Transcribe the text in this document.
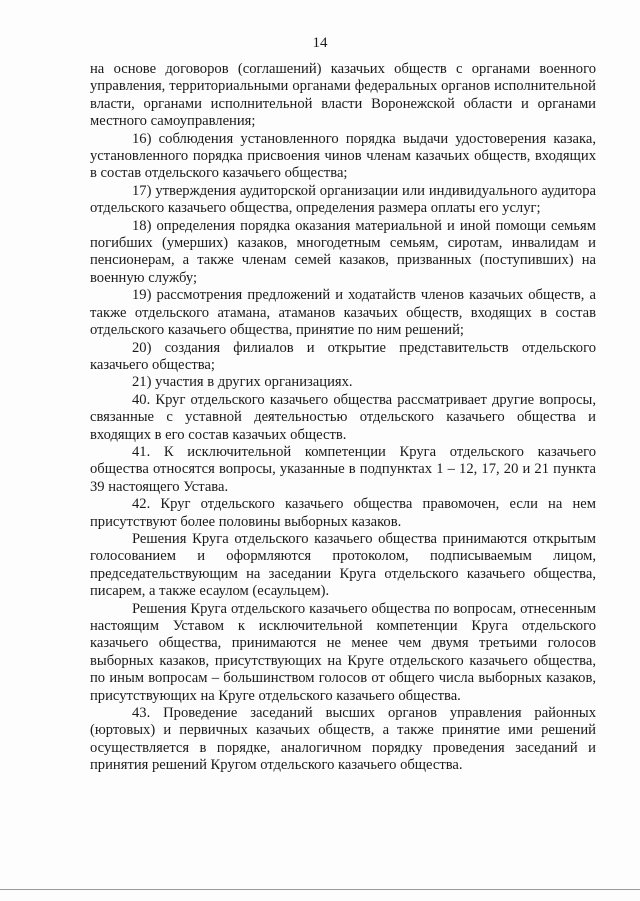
14

на основе договоров (соглашений) казачьих обществ с органами военного управления, территориальными органами федеральных органов исполнительной власти, органами исполнительной власти Воронежской области и органами местного самоуправления;

16) соблюдения установленного порядка выдачи удостоверения казака, установленного порядка присвоения чинов членам казачьих обществ, входящих в состав отдельского казачьего общества;

17) утверждения аудиторской организации или индивидуального аудитора отдельского казачьего общества, определения размера оплаты его услуг;

18) определения порядка оказания материальной и иной помощи семьям погибших (умерших) казаков, многодетным семьям, сиротам, инвалидам и пенсионерам, а также членам семей казаков, призванных (поступивших) на военную службу;

19) рассмотрения предложений и ходатайств членов казачьих обществ, а также отдельского атамана, атаманов казачьих обществ, входящих в состав отдельского казачьего общества, принятие по ним решений;

20) создания филиалов и открытие представительств отдельского казачьего общества;

21) участия в других организациях.

40. Круг отдельского казачьего общества рассматривает другие вопросы, связанные с уставной деятельностью отдельского казачьего общества и входящих в его состав казачьих обществ.

41. К исключительной компетенции Круга отдельского казачьего общества относятся вопросы, указанные в подпунктах 1 – 12, 17, 20 и 21 пункта 39 настоящего Устава.

42. Круг отдельского казачьего общества правомочен, если на нем присутствуют более половины выборных казаков.

Решения Круга отдельского казачьего общества принимаются открытым голосованием и оформляются протоколом, подписываемым лицом, председательствующим на заседании Круга отдельского казачьего общества, писарем, а также есаулом (есаульцем).

Решения Круга отдельского казачьего общества по вопросам, отнесенным настоящим Уставом к исключительной компетенции Круга отдельского казачьего общества, принимаются не менее чем двумя третьими голосов выборных казаков, присутствующих на Круге отдельского казачьего общества, по иным вопросам – большинством голосов от общего числа выборных казаков, присутствующих на Круге отдельского казачьего общества.

43. Проведение заседаний высших органов управления районных (юртовых) и первичных казачьих обществ, а также принятие ими решений осуществляется в порядке, аналогичном порядку проведения заседаний и принятия решений Кругом отдельского казачьего общества.
